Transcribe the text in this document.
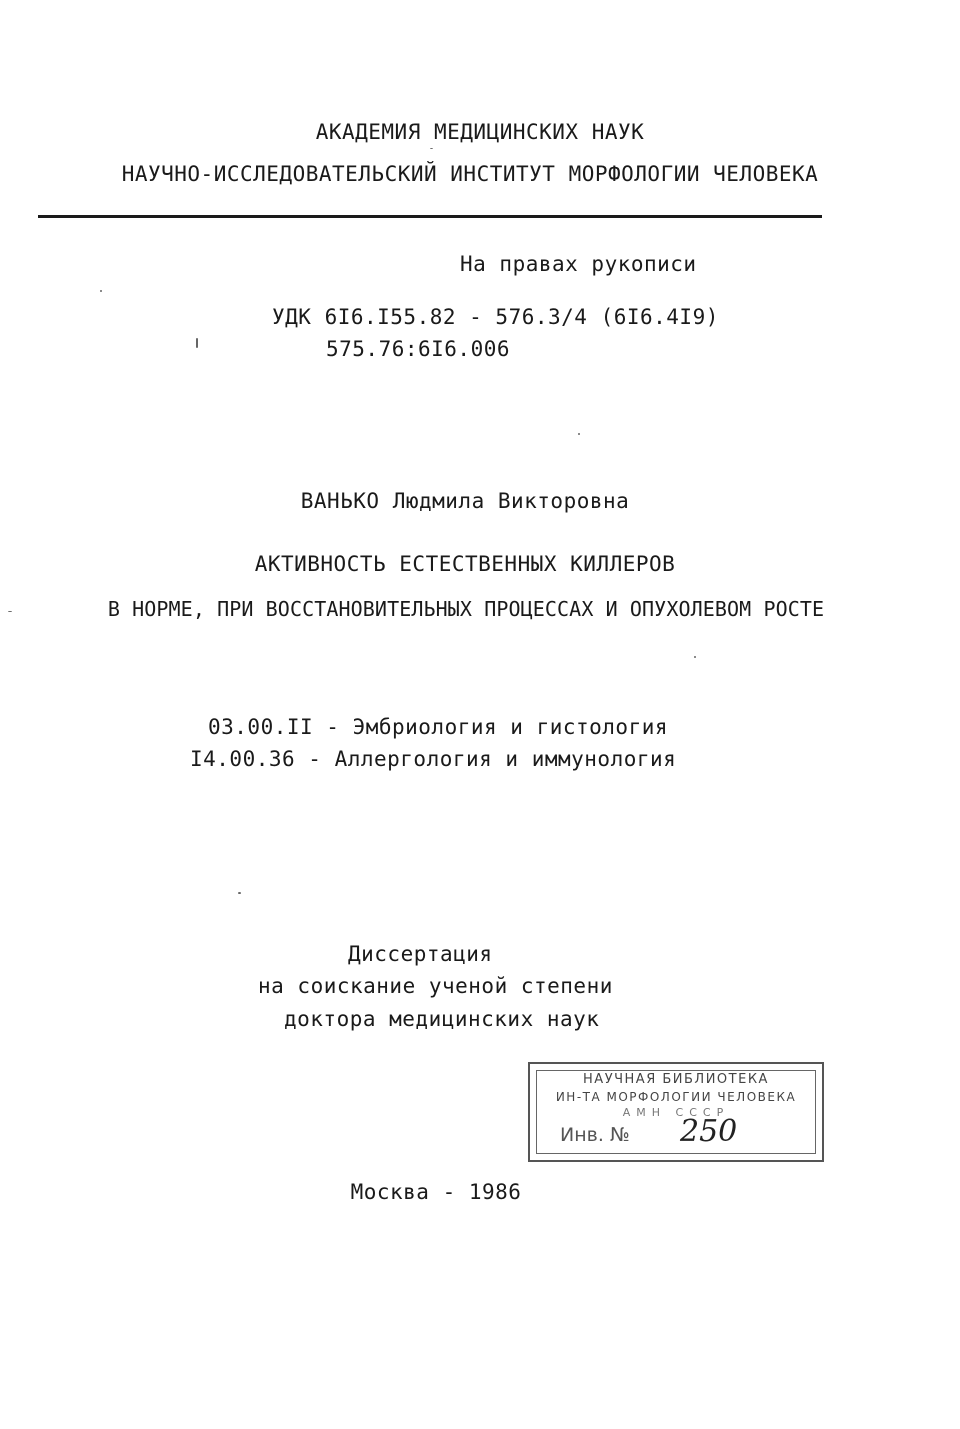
АКАДЕМИЯ МЕДИЦИНСКИХ НАУК
НАУЧНО-ИССЛЕДОВАТЕЛЬСКИЙ ИНСТИТУТ МОРФОЛОГИИ ЧЕЛОВЕКА
На правах рукописи
УДК 6I6.I55.82 - 576.3/4 (6I6.4I9)
575.76:6I6.006
ВАНЬКО Людмила Викторовна
АКТИВНОСТЬ ЕСТЕСТВЕННЫХ КИЛЛЕРОВ
В НОРМЕ, ПРИ ВОССТАНОВИТЕЛЬНЫХ ПРОЦЕССАХ И ОПУХОЛЕВОМ РОСТЕ
03.00.II - Эмбриология и гистология
I4.00.36 - Аллергология и иммунология
Диссертация
на соискание ученой степени
доктора медицинских наук
НАУЧНАЯ БИБЛИОТЕКА
ИН-ТА МОРФОЛОГИИ ЧЕЛОВЕКА
АМН СССР
Инв. № 250
Москва - 1986
